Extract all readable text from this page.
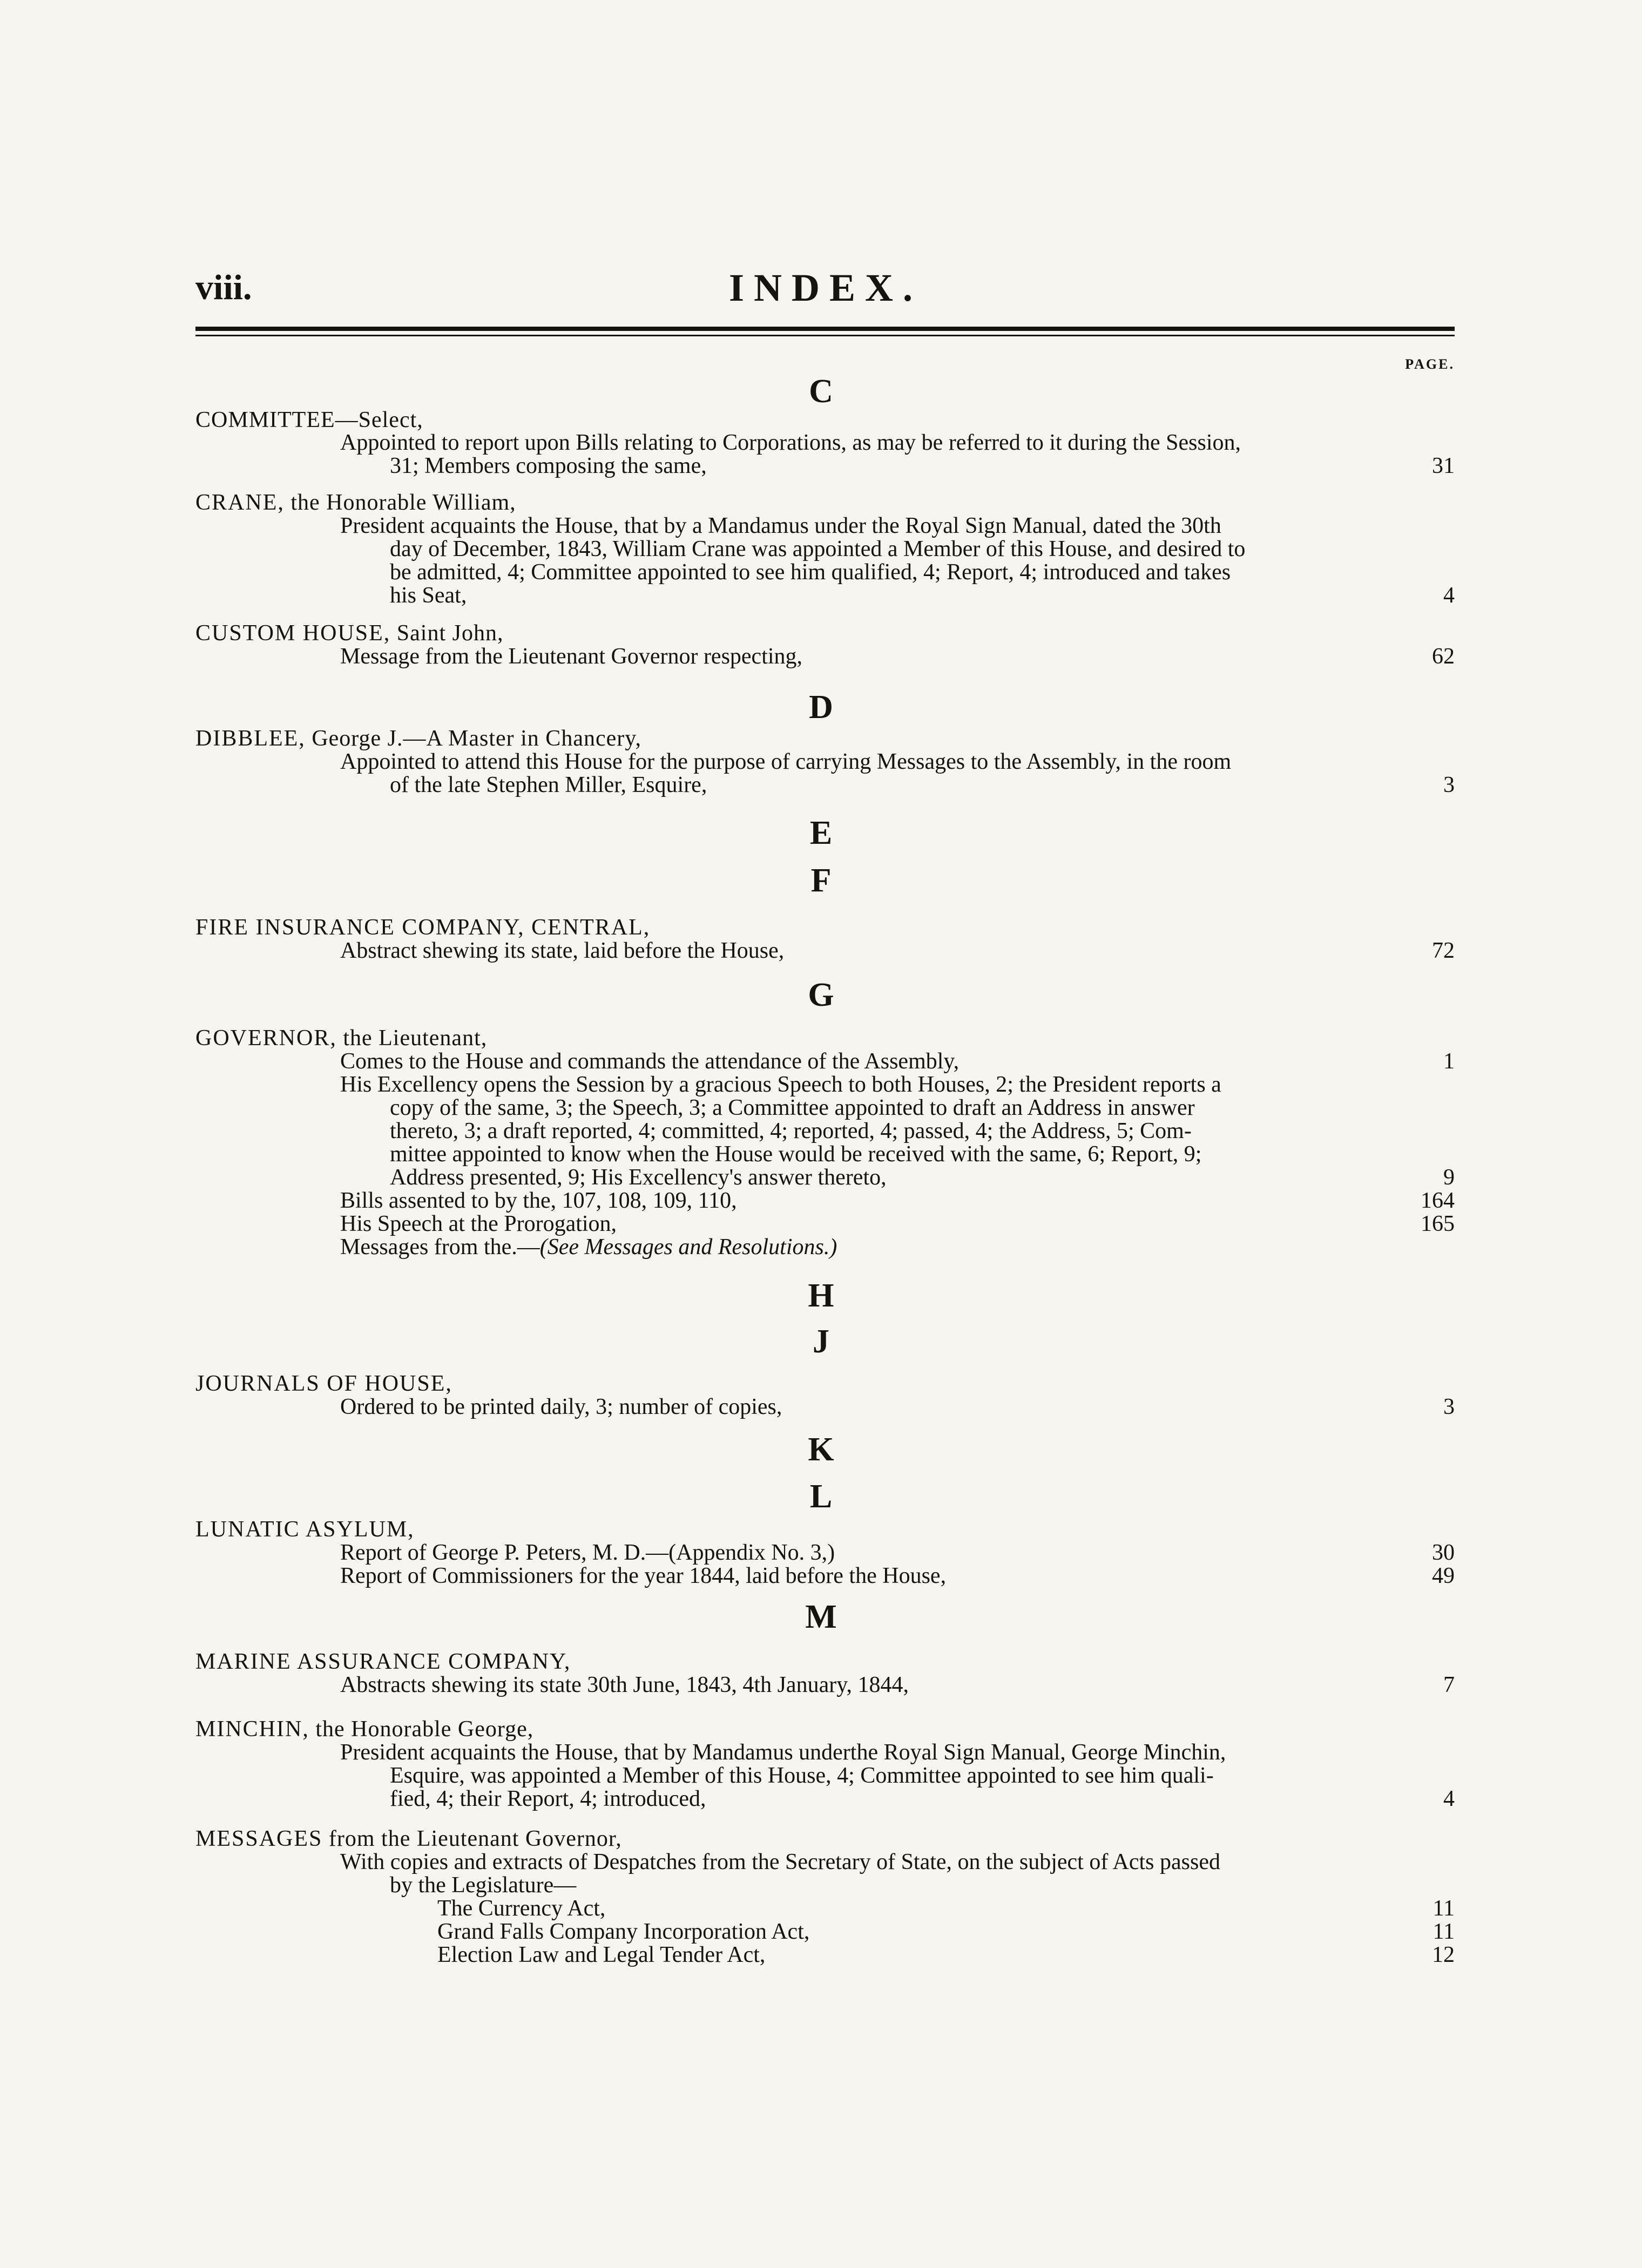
viii.	INDEX.
PAGE.
C
COMMITTEE—Select,
Appointed to report upon Bills relating to Corporations, as may be referred to it during the Session,
31; Members composing the same,	31
CRANE, the Honorable William,
President acquaints the House, that by a Mandamus under the Royal Sign Manual, dated the 30th
day of December, 1843, William Crane was appointed a Member of this House, and desired to
be admitted, 4; Committee appointed to see him qualified, 4; Report, 4; introduced and takes
his Seat,	4
CUSTOM HOUSE, Saint John,
Message from the Lieutenant Governor respecting,	62
D
DIBBLEE, George J.—A Master in Chancery,
Appointed to attend this House for the purpose of carrying Messages to the Assembly, in the room
of the late Stephen Miller, Esquire,	3
E
F
FIRE INSURANCE COMPANY, CENTRAL,
Abstract shewing its state, laid before the House,	72
G
GOVERNOR, the Lieutenant,
Comes to the House and commands the attendance of the Assembly,	1
His Excellency opens the Session by a gracious Speech to both Houses, 2; the President reports a
copy of the same, 3; the Speech, 3; a Committee appointed to draft an Address in answer
thereto, 3; a draft reported, 4; committed, 4; reported, 4; passed, 4; the Address, 5; Com-
mittee appointed to know when the House would be received with the same, 6; Report, 9;
Address presented, 9; His Excellency's answer thereto,	9
Bills assented to by the, 107, 108, 109, 110,	164
His Speech at the Prorogation,	165
Messages from the.—(See Messages and Resolutions.)
H
J
JOURNALS OF HOUSE,
Ordered to be printed daily, 3; number of copies,	3
K
L
LUNATIC ASYLUM,
Report of George P. Peters, M. D.—(Appendix No. 3,)	30
Report of Commissioners for the year 1844, laid before the House,	49
M
MARINE ASSURANCE COMPANY,
Abstracts shewing its state 30th June, 1843, 4th January, 1844,	7
MINCHIN, the Honorable George,
President acquaints the House, that by Mandamus underthe Royal Sign Manual, George Minchin,
Esquire, was appointed a Member of this House, 4; Committee appointed to see him quali-
fied, 4; their Report, 4; introduced,	4
MESSAGES from the Lieutenant Governor,
With copies and extracts of Despatches from the Secretary of State, on the subject of Acts passed
by the Legislature—
The Currency Act,	11
Grand Falls Company Incorporation Act,	11
Election Law and Legal Tender Act,	12
